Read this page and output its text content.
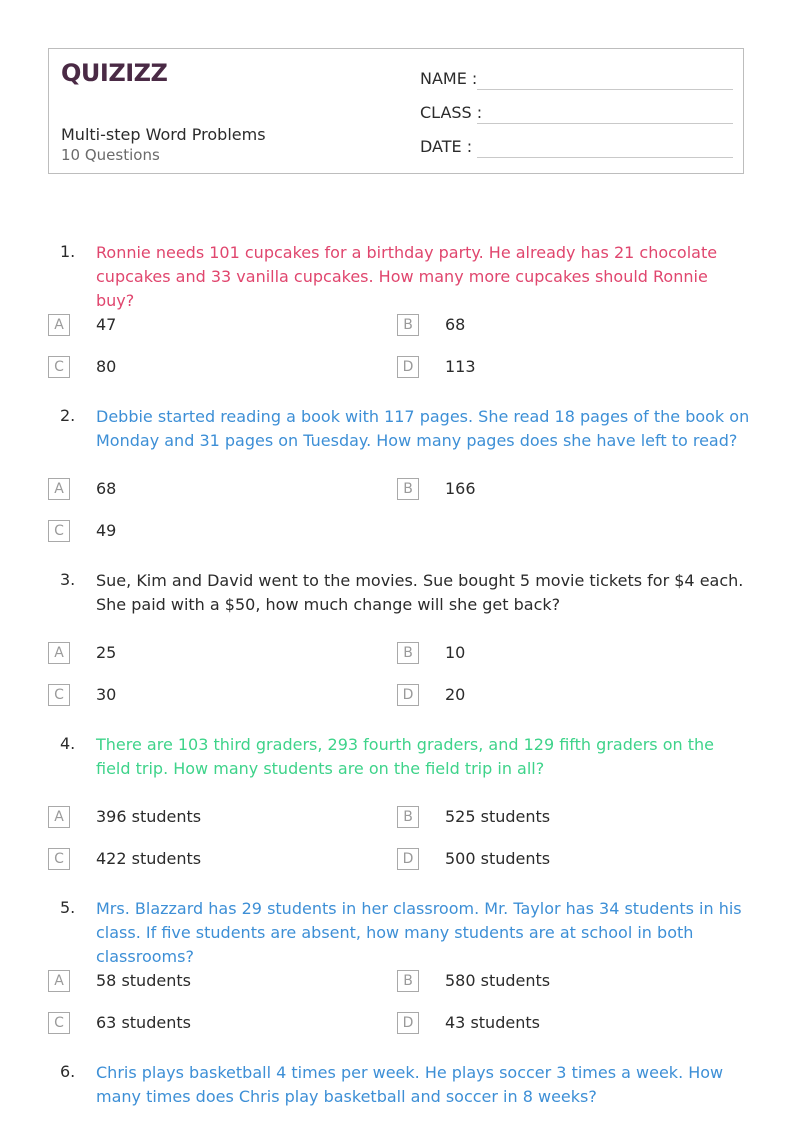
QUIZIZZ
Multi-step Word Problems
10 Questions
NAME :
CLASS :
DATE :
1. Ronnie needs 101 cupcakes for a birthday party. He already has 21 chocolate cupcakes and 33 vanilla cupcakes. How many more cupcakes should Ronnie buy?
A	47	B	68
C	80	D	113
2. Debbie started reading a book with 117 pages. She read 18 pages of the book on Monday and 31 pages on Tuesday. How many pages does she have left to read?
A	68	B	166
C	49
3. Sue, Kim and David went to the movies. Sue bought 5 movie tickets for $4 each. She paid with a $50, how much change will she get back?
A	25	B	10
C	30	D	20
4. There are 103 third graders, 293 fourth graders, and 129 fifth graders on the field trip. How many students are on the field trip in all?
A	396 students	B	525 students
C	422 students	D	500 students
5. Mrs. Blazzard has 29 students in her classroom. Mr. Taylor has 34 students in his class. If five students are absent, how many students are at school in both classrooms?
A	58 students	B	580 students
C	63 students	D	43 students
6. Chris plays basketball 4 times per week. He plays soccer 3 times a week. How many times does Chris play basketball and soccer in 8 weeks?
